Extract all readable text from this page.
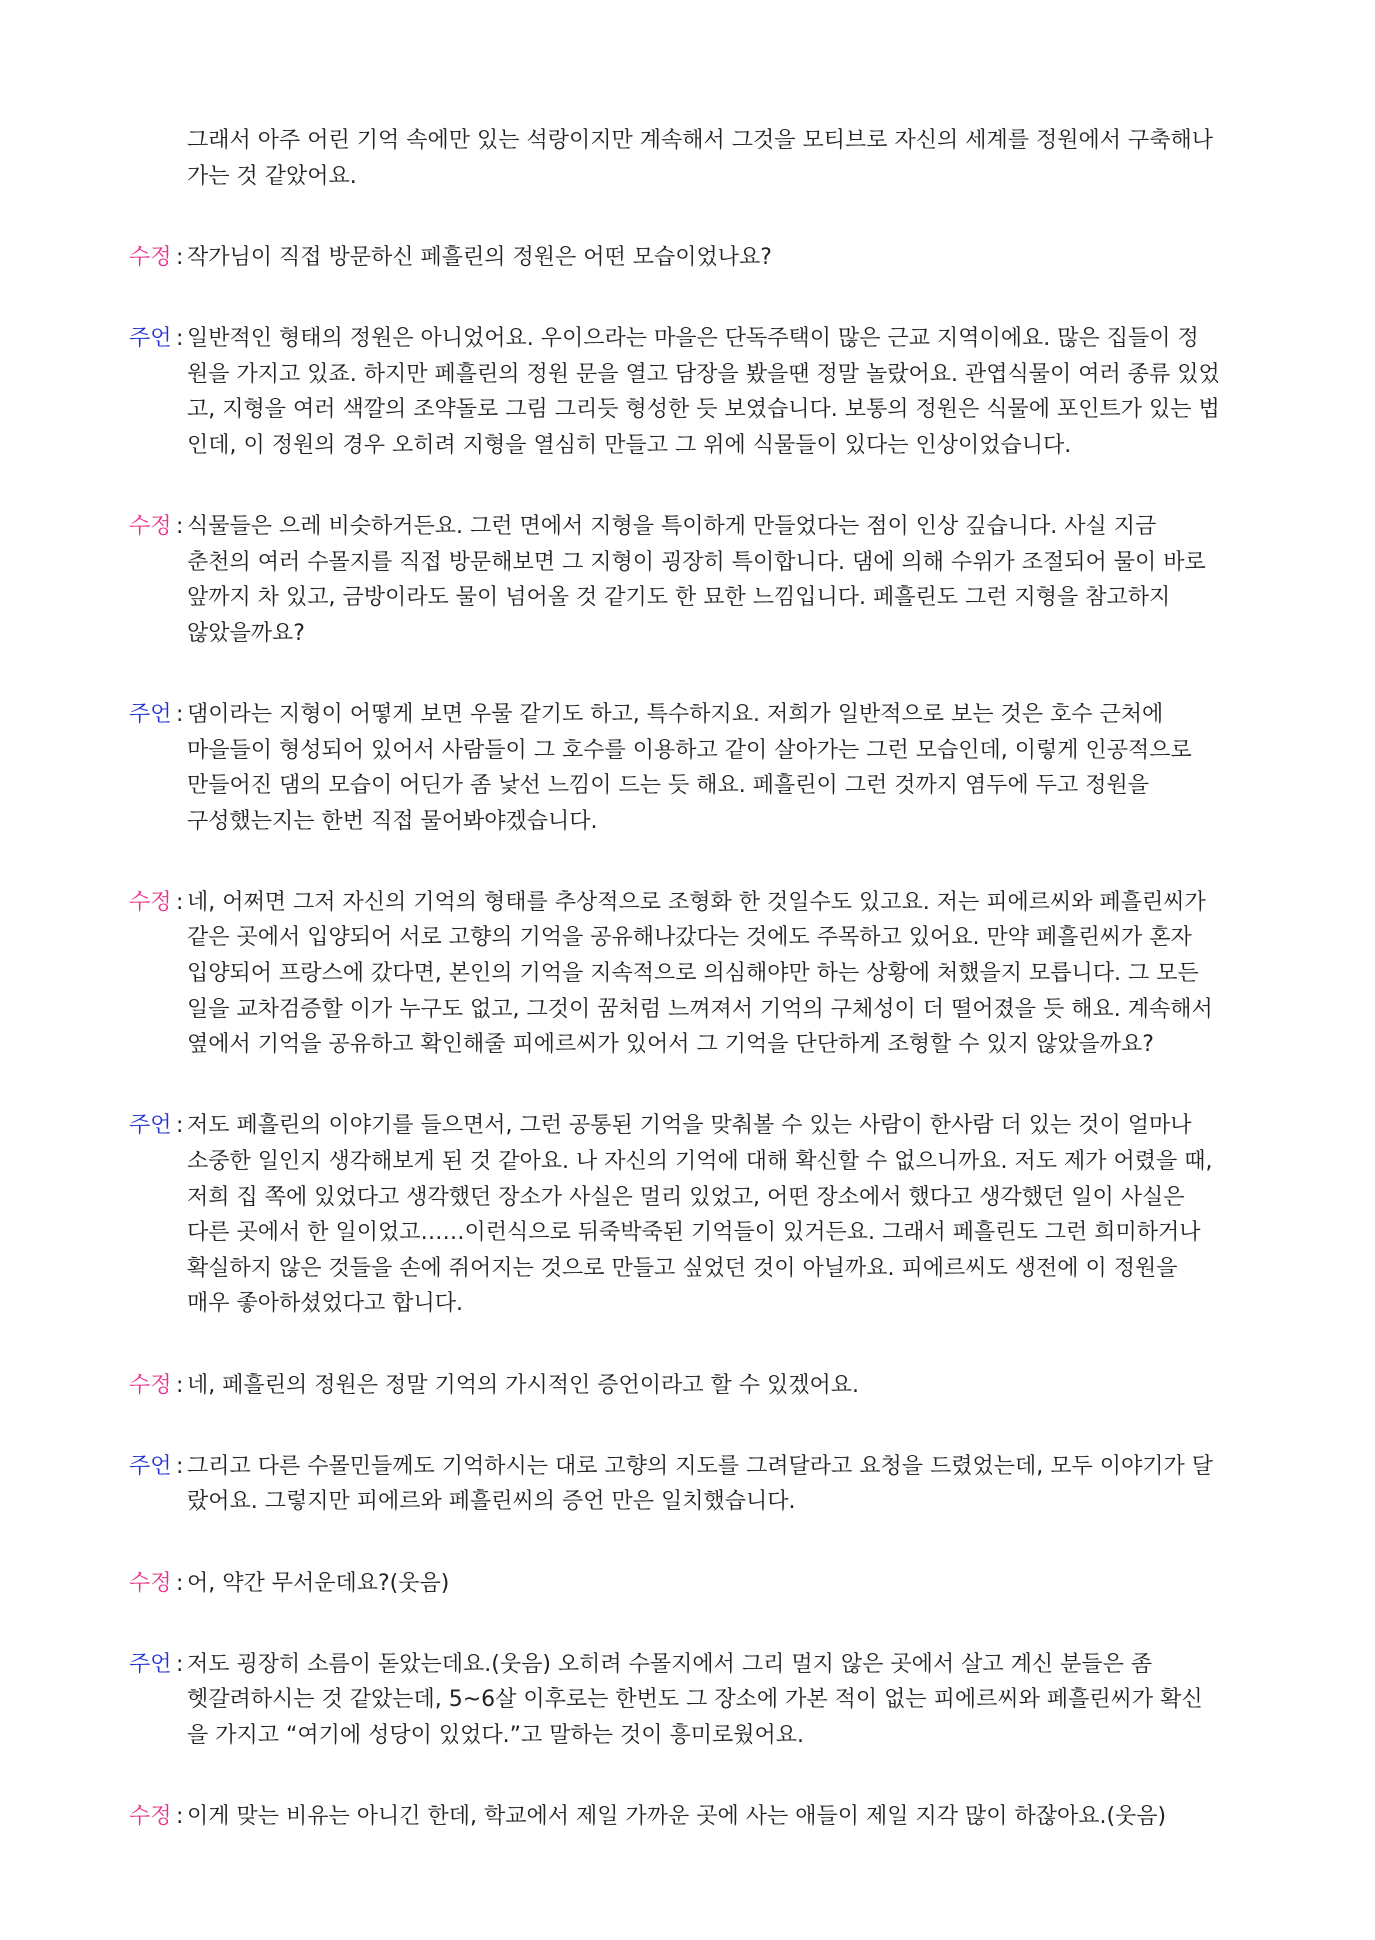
그래서 아주 어린 기억 속에만 있는 석랑이지만 계속해서 그것을 모티브로 자신의 세계를 정원에서 구축해나
가는 것 같았어요.
수정 : 작가님이 직접 방문하신 페흘린의 정원은 어떤 모습이었나요?
주언 : 일반적인 형태의 정원은 아니었어요. 우이으라는 마을은 단독주택이 많은 근교 지역이에요. 많은 집들이 정
원을 가지고 있죠. 하지만 페흘린의 정원 문을 열고 담장을 봤을땐 정말 놀랐어요. 관엽식물이 여러 종류 있었
고, 지형을 여러 색깔의 조약돌로 그림 그리듯 형성한 듯 보였습니다. 보통의 정원은 식물에 포인트가 있는 법
인데, 이 정원의 경우 오히려 지형을 열심히 만들고 그 위에 식물들이 있다는 인상이었습니다.
수정 : 식물들은 으레 비슷하거든요. 그런 면에서 지형을 특이하게 만들었다는 점이 인상 깊습니다. 사실 지금
춘천의 여러 수몰지를 직접 방문해보면 그 지형이 굉장히 특이합니다. 댐에 의해 수위가 조절되어 물이 바로
앞까지 차 있고, 금방이라도 물이 넘어올 것 같기도 한 묘한 느낌입니다. 페흘린도 그런 지형을 참고하지
않았을까요?
주언 : 댐이라는 지형이 어떻게 보면 우물 같기도 하고, 특수하지요. 저희가 일반적으로 보는 것은 호수 근처에
마을들이 형성되어 있어서 사람들이 그 호수를 이용하고 같이 살아가는 그런 모습인데, 이렇게 인공적으로
만들어진 댐의 모습이 어딘가 좀 낯선 느낌이 드는 듯 해요. 페흘린이 그런 것까지 염두에 두고 정원을
구성했는지는 한번 직접 물어봐야겠습니다.
수정 : 네, 어쩌면 그저 자신의 기억의 형태를 추상적으로 조형화 한 것일수도 있고요. 저는 피에르씨와 페흘린씨가
같은 곳에서 입양되어 서로 고향의 기억을 공유해나갔다는 것에도 주목하고 있어요. 만약 페흘린씨가 혼자
입양되어 프랑스에 갔다면, 본인의 기억을 지속적으로 의심해야만 하는 상황에 처했을지 모릅니다. 그 모든
일을 교차검증할 이가 누구도 없고, 그것이 꿈처럼 느껴져서 기억의 구체성이 더 떨어졌을 듯 해요. 계속해서
옆에서 기억을 공유하고 확인해줄 피에르씨가 있어서 그 기억을 단단하게 조형할 수 있지 않았을까요?
주언 : 저도 페흘린의 이야기를 들으면서, 그런 공통된 기억을 맞춰볼 수 있는 사람이 한사람 더 있는 것이 얼마나
소중한 일인지 생각해보게 된 것 같아요. 나 자신의 기억에 대해 확신할 수 없으니까요. 저도 제가 어렸을 때,
저희 집 쪽에 있었다고 생각했던 장소가 사실은 멀리 있었고, 어떤 장소에서 했다고 생각했던 일이 사실은
다른 곳에서 한 일이었고……이런식으로 뒤죽박죽된 기억들이 있거든요. 그래서 페흘린도 그런 희미하거나
확실하지 않은 것들을 손에 쥐어지는 것으로 만들고 싶었던 것이 아닐까요. 피에르씨도 생전에 이 정원을
매우 좋아하셨었다고 합니다.
수정 : 네, 페흘린의 정원은 정말 기억의 가시적인 증언이라고 할 수 있겠어요.
주언 : 그리고 다른 수몰민들께도 기억하시는 대로 고향의 지도를 그려달라고 요청을 드렸었는데, 모두 이야기가 달
랐어요. 그렇지만 피에르와 페흘린씨의 증언 만은 일치했습니다.
수정 : 어, 약간 무서운데요?(웃음)
주언 : 저도 굉장히 소름이 돋았는데요.(웃음) 오히려 수몰지에서 그리 멀지 않은 곳에서 살고 계신 분들은 좀
헷갈려하시는 것 같았는데, 5~6살 이후로는 한번도 그 장소에 가본 적이 없는 피에르씨와 페흘린씨가 확신
을 가지고 “여기에 성당이 있었다.”고 말하는 것이 흥미로웠어요.
수정 : 이게 맞는 비유는 아니긴 한데, 학교에서 제일 가까운 곳에 사는 애들이 제일 지각 많이 하잖아요.(웃음)
